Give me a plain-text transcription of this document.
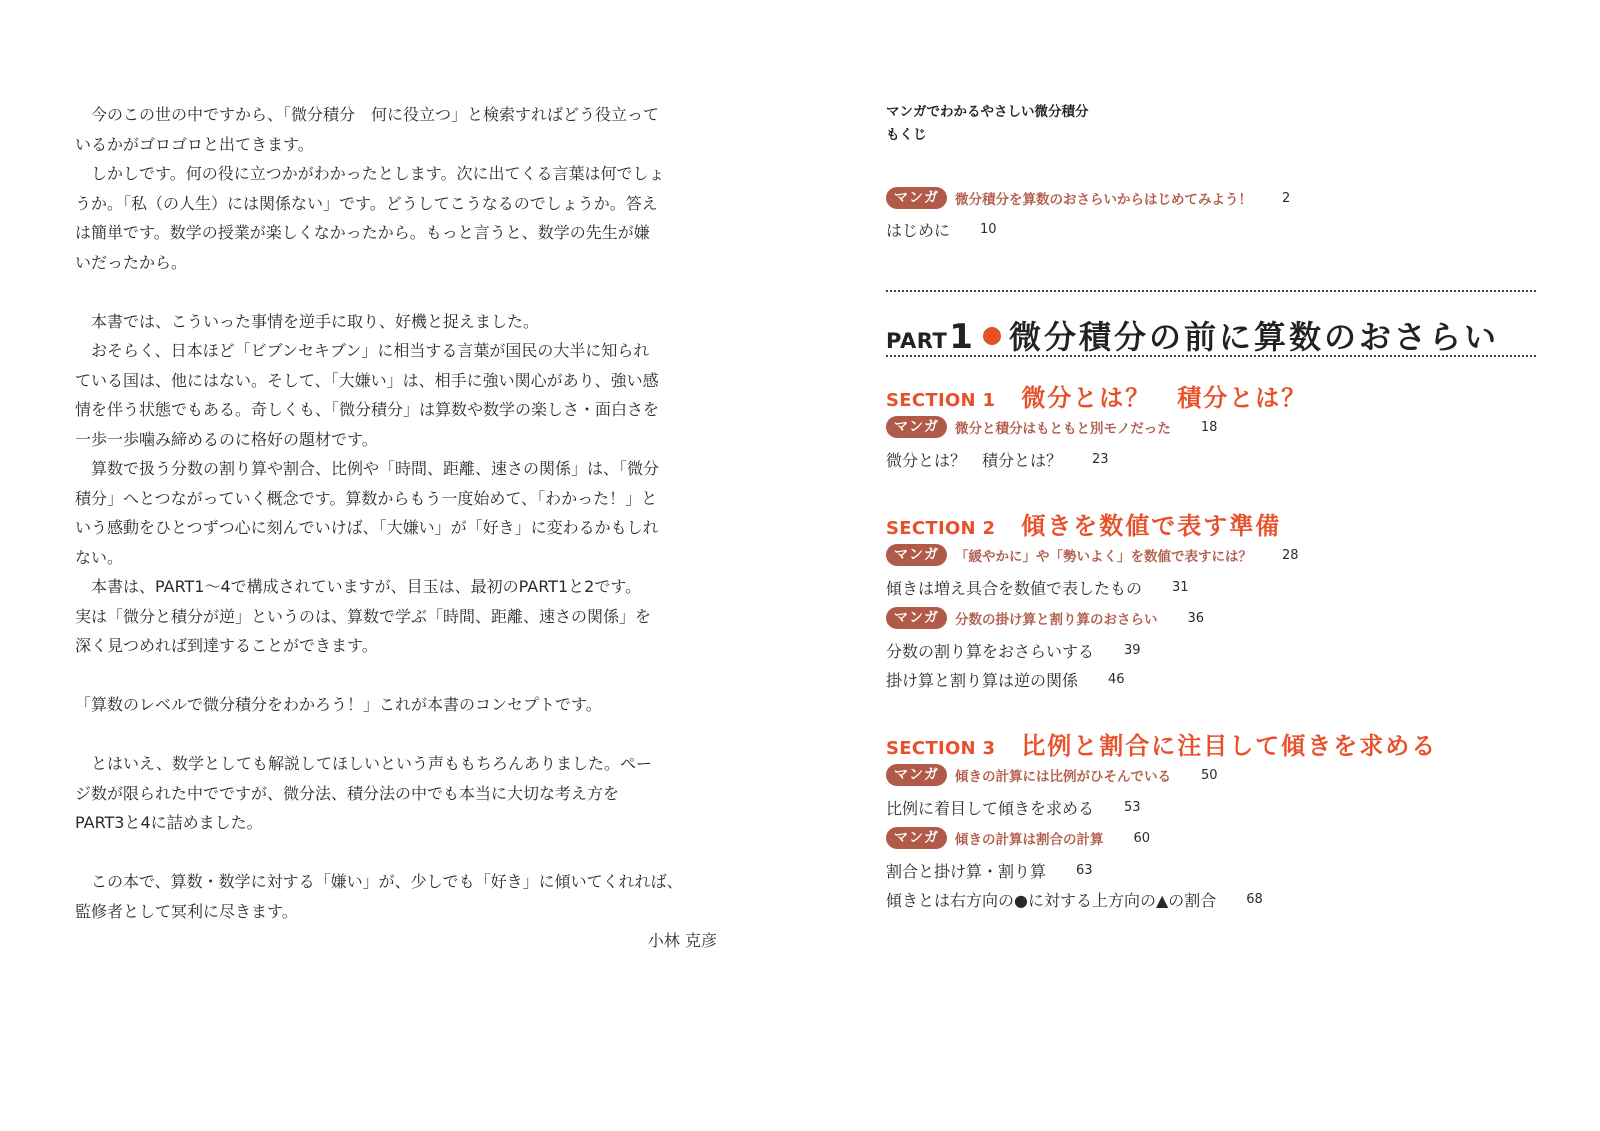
　今のこの世の中ですから、「微分積分　何に役立つ」と検索すればどう役立って
いるかがゴロゴロと出てきます。

　しかしです。何の役に立つかがわかったとします。次に出てくる言葉は何でしょ
うか。「私（の人生）には関係ない」です。どうしてこうなるのでしょうか。答え
は簡単です。数学の授業が楽しくなかったから。もっと言うと、数学の先生が嫌
いだったから。

　本書では、こういった事情を逆手に取り、好機と捉えました。
　おそらく、日本ほど「ビブンセキブン」に相当する言葉が国民の大半に知られ
ている国は、他にはない。そして、「大嫌い」は、相手に強い関心があり、強い感
情を伴う状態でもある。奇しくも、「微分積分」は算数や数学の楽しさ・面白さを
一歩一歩噛み締めるのに格好の題材です。
　算数で扱う分数の割り算や割合、比例や「時間、距離、速さの関係」は、「微分
積分」へとつながっていく概念です。算数からもう一度始めて、「わかった！」と
いう感動をひとつずつ心に刻んでいけば、「大嫌い」が「好き」に変わるかもしれ
ない。
　本書は、PART1～4で構成されていますが、目玉は、最初のPART1と2です。
実は「微分と積分が逆」というのは、算数で学ぶ「時間、距離、速さの関係」を
深く見つめれば到達することができます。

「算数のレベルで微分積分をわかろう！」これが本書のコンセプトです。

　とはいえ、数学としても解説してほしいという声ももちろんありました。ペー
ジ数が限られた中でですが、微分法、積分法の中でも本当に大切な考え方を
PART3と4に詰めました。

　この本で、算数・数学に対する「嫌い」が、少しでも「好き」に傾いてくれれば、
監修者として冥利に尽きます。

小林 克彦

マンガでわかるやさしい微分積分

もくじ

マンガ	微分積分を算数のおさらいからはじめてみよう！ 2
はじめに 10
PART 1 微分積分の前に算数のおさらい
SECTION 1 微分とは？　積分とは？
マンガ	微分と積分はもともと別モノだった 18
微分とは？　積分とは？ 23
SECTION 2 傾きを数値で表す準備
マンガ	「緩やかに」や「勢いよく」を数値で表すには？ 28
傾きは増え具合を数値で表したもの 31
マンガ	分数の掛け算と割り算のおさらい 36
分数の割り算をおさらいする 39
掛け算と割り算は逆の関係 46
SECTION 3 比例と割合に注目して傾きを求める
マンガ	傾きの計算には比例がひそんでいる 50
比例に着目して傾きを求める 53
マンガ	傾きの計算は割合の計算 60
割合と掛け算・割り算 63
傾きとは右方向の●に対する上方向の▲の割合 68
